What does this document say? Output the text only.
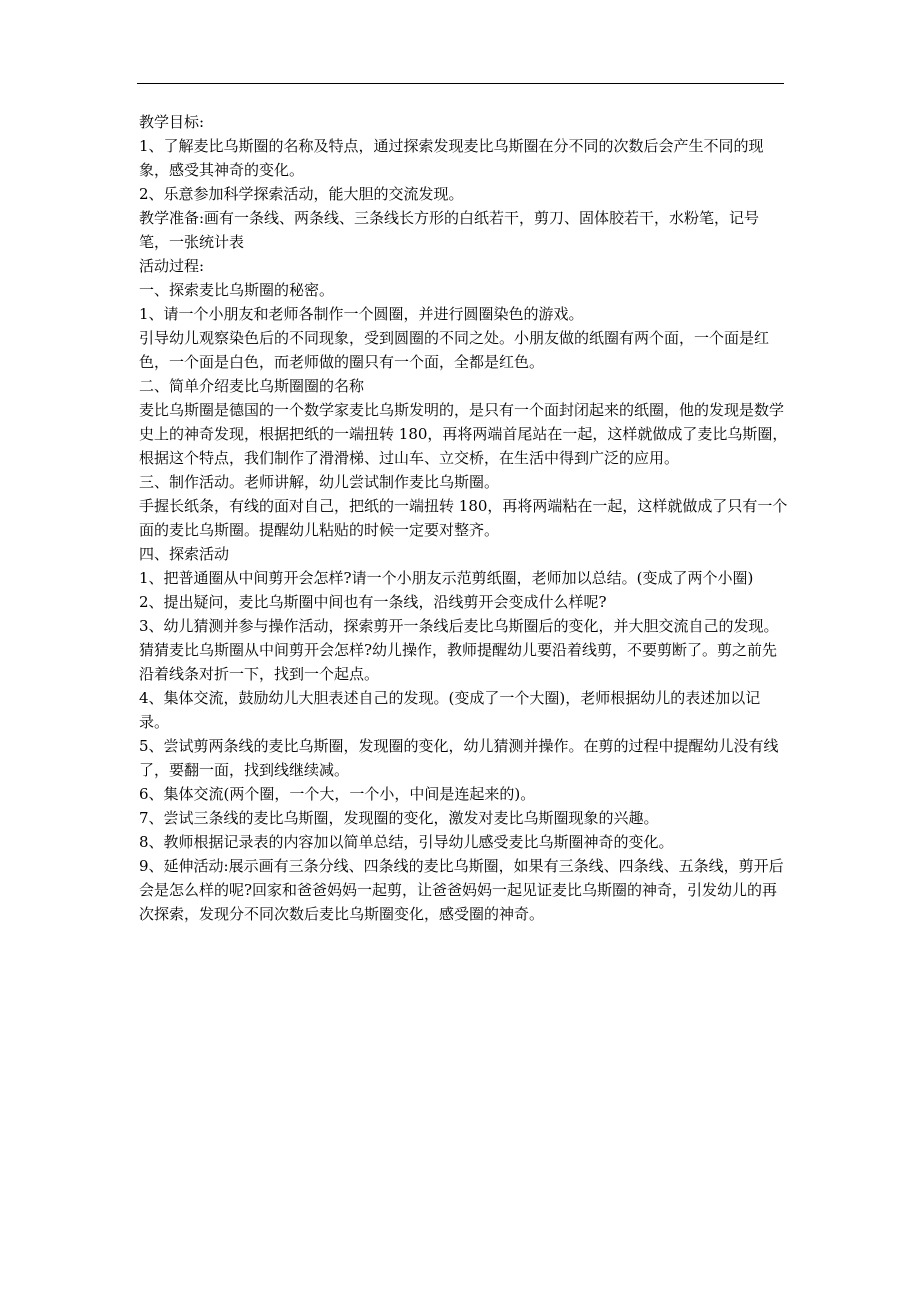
教学目标:

1、了解麦比乌斯圈的名称及特点，通过探索发现麦比乌斯圈在分不同的次数后会产生不同的现象，感受其神奇的变化。

2、乐意参加科学探索活动，能大胆的交流发现。

教学准备:画有一条线、两条线、三条线长方形的白纸若干，剪刀、固体胶若干，水粉笔，记号笔，一张统计表

活动过程:

一、探索麦比乌斯圈的秘密。

1、请一个小朋友和老师各制作一个圆圈，并进行圆圈染色的游戏。

引导幼儿观察染色后的不同现象，受到圆圈的不同之处。小朋友做的纸圈有两个面，一个面是红色，一个面是白色，而老师做的圈只有一个面，全都是红色。

二、简单介绍麦比乌斯圈圈的名称

麦比乌斯圈是德国的一个数学家麦比乌斯发明的，是只有一个面封闭起来的纸圈，他的发现是数学史上的神奇发现，根据把纸的一端扭转 180，再将两端首尾站在一起，这样就做成了麦比乌斯圈，根据这个特点，我们制作了滑滑梯、过山车、立交桥，在生活中得到广泛的应用。

三、制作活动。老师讲解，幼儿尝试制作麦比乌斯圈。

手握长纸条，有线的面对自己，把纸的一端扭转 180，再将两端粘在一起，这样就做成了只有一个面的麦比乌斯圈。提醒幼儿粘贴的时候一定要对整齐。

四、探索活动

1、把普通圈从中间剪开会怎样?请一个小朋友示范剪纸圈，老师加以总结。(变成了两个小圈)

2、提出疑问，麦比乌斯圈中间也有一条线，沿线剪开会变成什么样呢?

3、幼儿猜测并参与操作活动，探索剪开一条线后麦比乌斯圈后的变化，并大胆交流自己的发现。猜猜麦比乌斯圈从中间剪开会怎样?幼儿操作，教师提醒幼儿要沿着线剪，不要剪断了。剪之前先沿着线条对折一下，找到一个起点。

4、集体交流，鼓励幼儿大胆表述自己的发现。(变成了一个大圈)，老师根据幼儿的表述加以记录。

5、尝试剪两条线的麦比乌斯圈，发现圈的变化，幼儿猜测并操作。在剪的过程中提醒幼儿没有线了，要翻一面，找到线继续减。

6、集体交流(两个圈，一个大，一个小，中间是连起来的)。

7、尝试三条线的麦比乌斯圈，发现圈的变化，激发对麦比乌斯圈现象的兴趣。

8、教师根据记录表的内容加以简单总结，引导幼儿感受麦比乌斯圈神奇的变化。

9、延伸活动:展示画有三条分线、四条线的麦比乌斯圈，如果有三条线、四条线、五条线，剪开后会是怎么样的呢?回家和爸爸妈妈一起剪，让爸爸妈妈一起见证麦比乌斯圈的神奇，引发幼儿的再次探索，发现分不同次数后麦比乌斯圈变化，感受圈的神奇。
